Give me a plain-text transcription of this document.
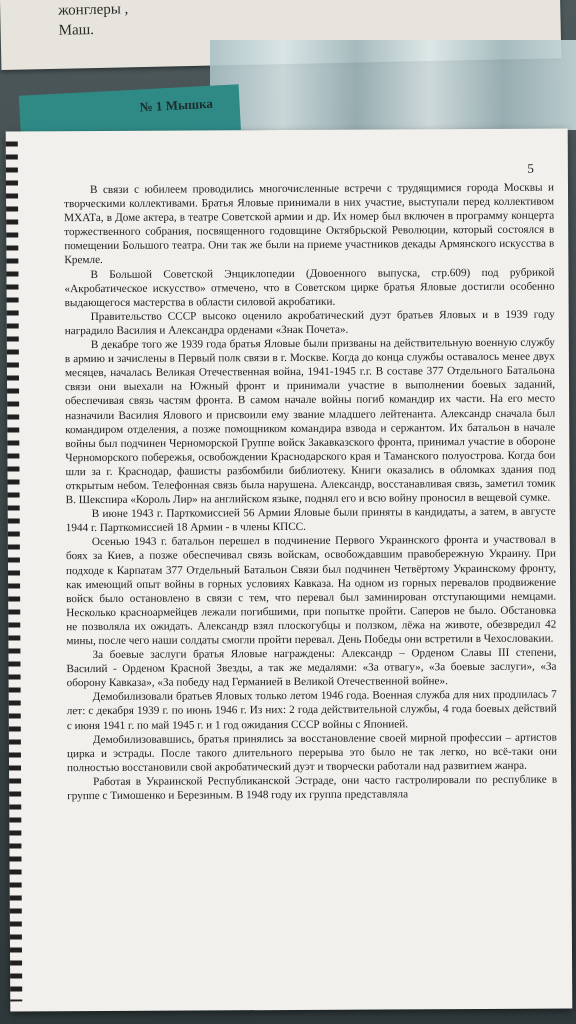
жонглеры ,
Маш.
№ 1 Мышка
5

В связи с юбилеем проводились многочисленные встречи с трудящимися города Москвы и творческими коллективами. Братья Яловые принимали в них участие, выступали перед коллективом МХАТа, в Доме актера, в театре Советской армии и др. Их номер был включен в программу концерта торжественного собрания, посвященного годовщине Октябрьской Революции, который состоялся в помещении Большого театра. Они так же были на приеме участников декады Армянского искусства в Кремле.

В Большой Советской Энциклопедии (Довоенного выпуска, стр.609) под рубрикой «Акробатическое искусство» отмечено, что в Советском цирке братья Яловые достигли особенно выдающегося мастерства в области силовой акробатики.

Правительство СССР высоко оценило акробатический дуэт братьев Яловых и в 1939 году наградило Василия и Александра орденами «Знак Почета».

В декабре того же 1939 года братья Яловые были призваны на действительную военную службу в армию и зачислены в Первый полк связи в г. Москве. Когда до конца службы оставалось менее двух месяцев, началась Великая Отечественная война, 1941-1945 г.г. В составе 377 Отдельного Батальона связи они выехали на Южный фронт и принимали участие в выполнении боевых заданий, обеспечивая связь частям фронта. В самом начале войны погиб командир их части. На его место назначили Василия Ялового и присвоили ему звание младшего лейтенанта. Александр сначала был командиром отделения, а позже помощником командира взвода и сержантом. Их батальон в начале войны был подчинен Черноморской Группе войск Закавказского фронта, принимал участие в обороне Черноморского побережья, освобождении Краснодарского края и Таманского полуострова. Когда бои шли за г. Краснодар, фашисты разбомбили библиотеку. Книги оказались в обломках здания под открытым небом. Телефонная связь была нарушена. Александр, восстанавливая связь, заметил томик В. Шекспира «Король Лир» на английском языке, поднял его и всю войну проносил в вещевой сумке.

В июне 1943 г. Парткомиссией 56 Армии Яловые были приняты в кандидаты, а затем, в августе 1944 г. Парткомиссией 18 Армии - в члены КПСС.

Осенью 1943 г. батальон перешел в подчинение Первого Украинского фронта и участвовал в боях за Киев, а позже обеспечивал связь войскам, освобождавшим правобережную Украину. При подходе к Карпатам 377 Отдельный Батальон Связи был подчинен Четвёртому Украинскому фронту, как имеющий опыт войны в горных условиях Кавказа. На одном из горных перевалов продвижение войск было остановлено в связи с тем, что перевал был заминирован отступающими немцами. Несколько красноармейцев лежали погибшими, при попытке пройти. Саперов не было. Обстановка не позволяла их ожидать. Александр взял плоскогубцы и ползком, лёжа на животе, обезвредил 42 мины, после чего наши солдаты смогли пройти перевал. День Победы они встретили в Чехословакии.

За боевые заслуги братья Яловые награждены: Александр – Орденом Славы III степени, Василий - Орденом Красной Звезды, а так же медалями: «За отвагу», «За боевые заслуги», «За оборону Кавказа», «За победу над Германией в Великой Отечественной войне».

Демобилизовали братьев Яловых только летом 1946 года. Военная служба для них продлилась 7 лет: с декабря 1939 г. по июнь 1946 г. Из них: 2 года действительной службы, 4 года боевых действий с июня 1941 г. по май 1945 г. и 1 год ожидания СССР войны с Японией.

Демобилизовавшись, братья принялись за восстановление своей мирной профессии – артистов цирка и эстрады. После такого длительного перерыва это было не так легко, но всё-таки они полностью восстановили свой акробатический дуэт и творчески работали над развитием жанра.

Работая в Украинской Республиканской Эстраде, они часто гастролировали по республике в группе с Тимошенко и Березиным. В 1948 году их группа представляла
